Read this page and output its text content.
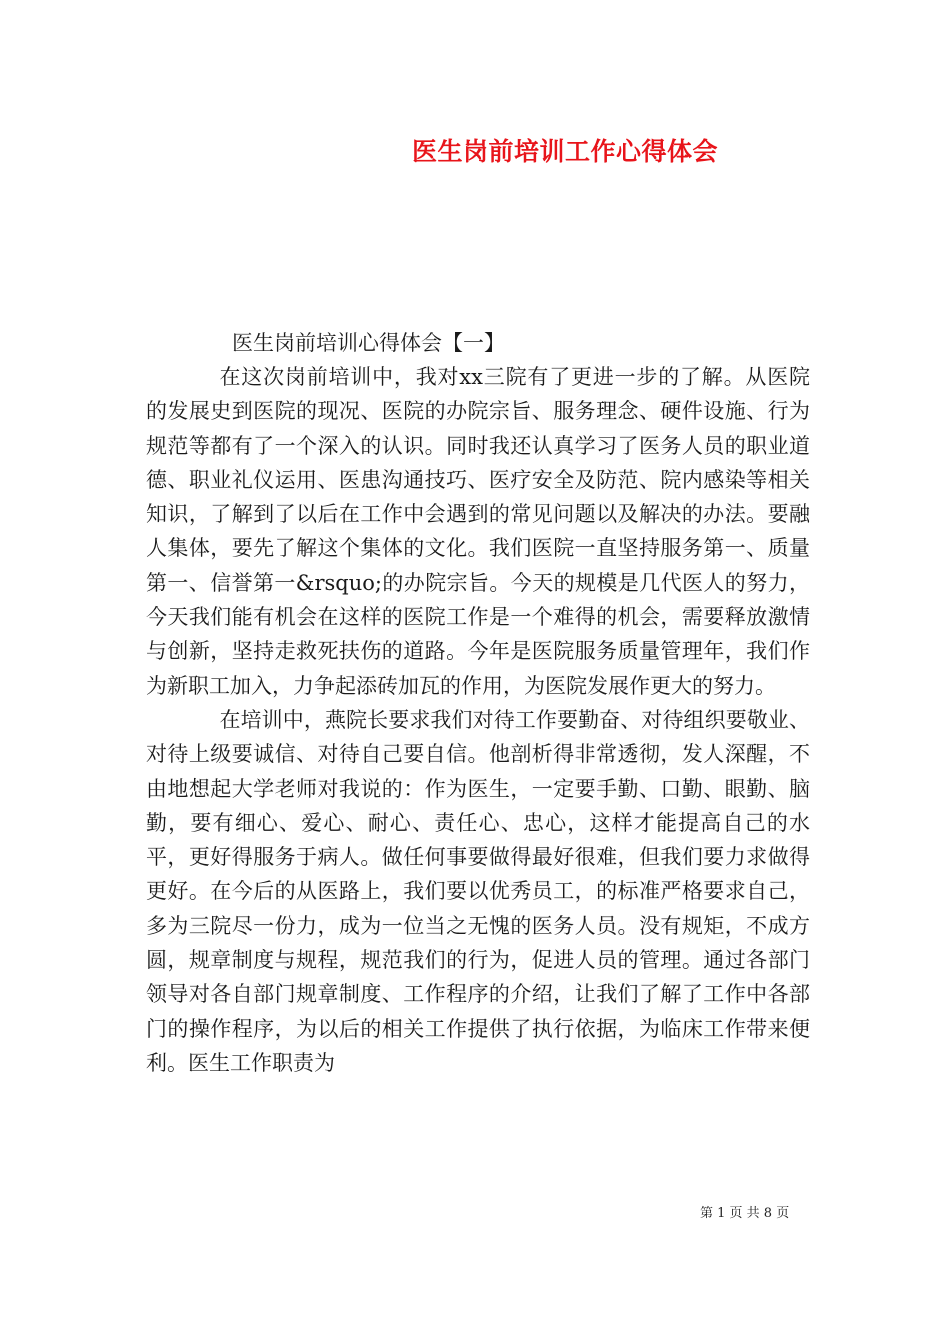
医生岗前培训工作心得体会
医生岗前培训心得体会【一】

在这次岗前培训中，我对xx三院有了更进一步的了解。从医院的发展史到医院的现况、医院的办院宗旨、服务理念、硬件设施、行为规范等都有了一个深入的认识。同时我还认真学习了医务人员的职业道德、职业礼仪运用、医患沟通技巧、医疗安全及防范、院内感染等相关知识，了解到了以后在工作中会遇到的常见问题以及解决的办法。要融人集体，要先了解这个集体的文化。我们医院一直坚持服务第一、质量第一、信誉第一&rsquo;的办院宗旨。今天的规模是几代医人的努力，今天我们能有机会在这样的医院工作是一个难得的机会，需要释放激情与创新，坚持走救死扶伤的道路。今年是医院服务质量管理年，我们作为新职工加入，力争起添砖加瓦的作用，为医院发展作更大的努力。

在培训中，燕院长要求我们对待工作要勤奋、对待组织要敬业、对待上级要诚信、对待自己要自信。他剖析得非常透彻，发人深醒，不由地想起大学老师对我说的：作为医生，一定要手勤、口勤、眼勤、脑勤，要有细心、爱心、耐心、责任心、忠心，这样才能提高自己的水平，更好得服务于病人。做任何事要做得最好很难，但我们要力求做得更好。在今后的从医路上，我们要以优秀员工，的标准严格要求自己，多为三院尽一份力，成为一位当之无愧的医务人员。没有规矩，不成方圆，规章制度与规程，规范我们的行为，促进人员的管理。通过各部门领导对各自部门规章制度、工作程序的介绍，让我们了解了工作中各部门的操作程序，为以后的相关工作提供了执行依据，为临床工作带来便利。医生工作职责为

第 1 页 共 8 页
